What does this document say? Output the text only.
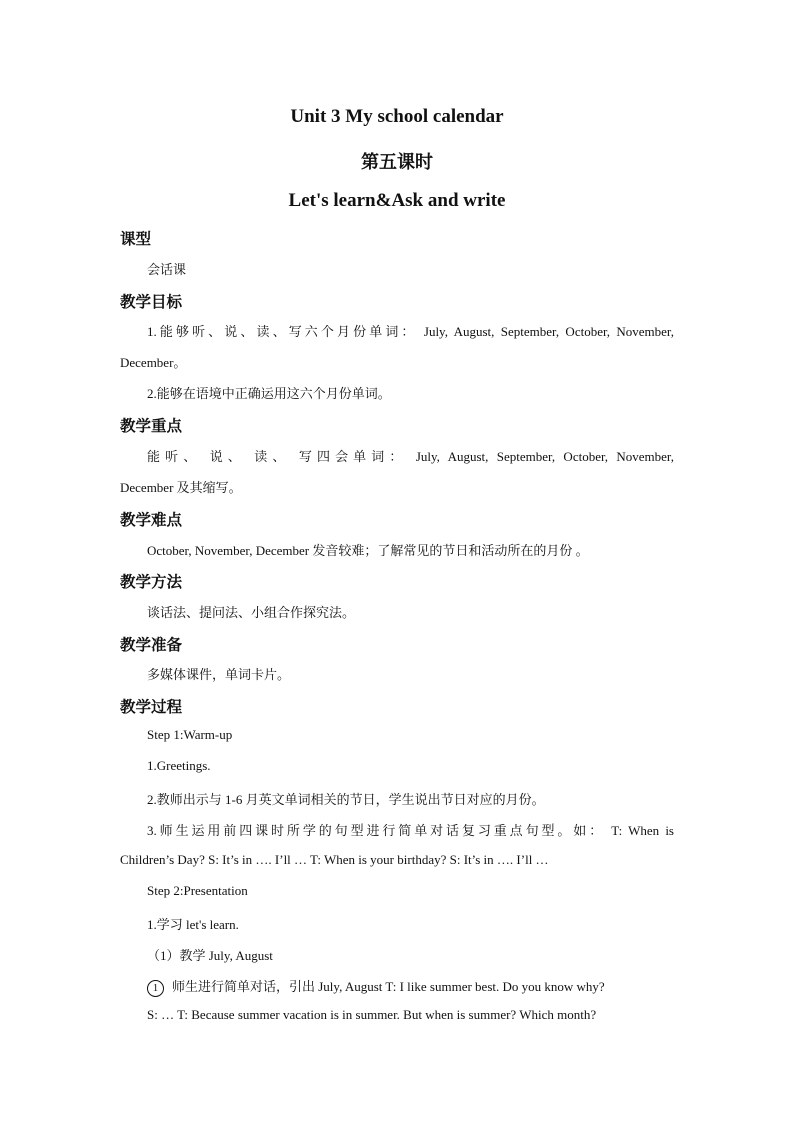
Unit 3 My school calendar
第五课时
Let's learn&Ask and write
课型
会话课
教学目标
1.能够听、说、读、写六个月份单词： July, August, September, October, November,
December。
2.能够在语境中正确运用这六个月份单词。
教学重点
能听、 说、 读、 写四会单词： July, August, September, October, November,
December 及其缩写。
教学难点
October, November, December 发音较难；了解常见的节日和活动所在的月份 。
教学方法
谈话法、提问法、小组合作探究法。
教学准备
多媒体课件，单词卡片。
教学过程
Step 1:Warm-up
1.Greetings.
2.教师出示与 1-6 月英文单词相关的节日，学生说出节日对应的月份。
3.师生运用前四课时所学的句型进行简单对话复习重点句型。如： T: When is
Children’s Day? S: It’s in …. I’ll … T: When is your birthday? S: It’s in …. I’ll …
Step 2:Presentation
1.学习 let's learn.
（1）教学 July, August
1 师生进行简单对话，引出 July, August T: I like summer best. Do you know why?
S: … T: Because summer vacation is in summer. But when is summer? Which month?
